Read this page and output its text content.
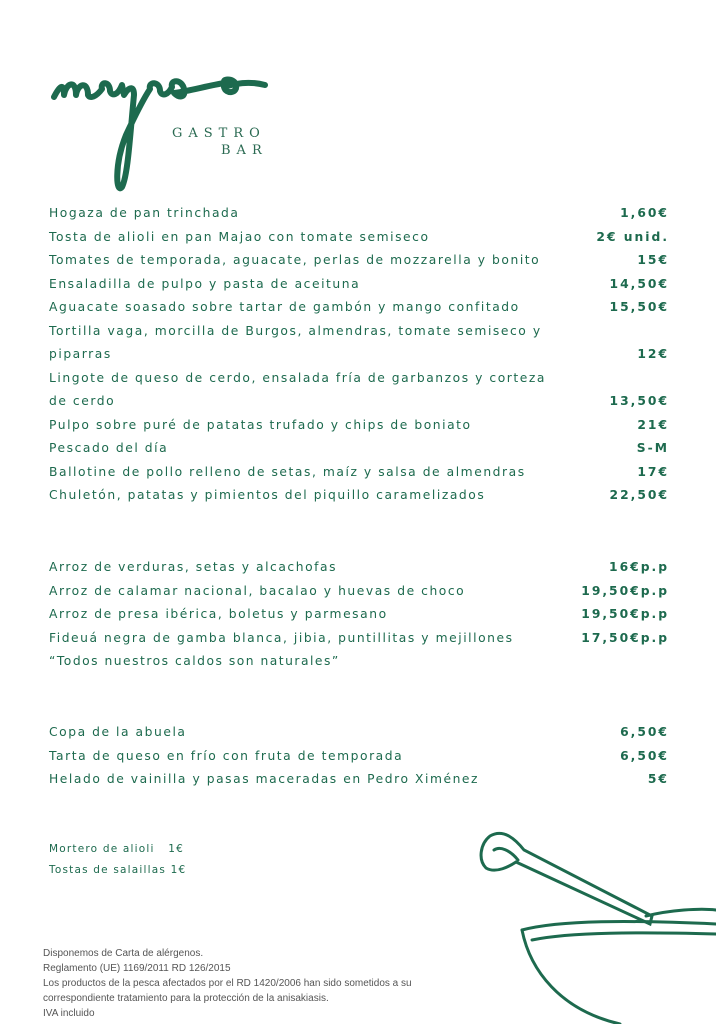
GASTRO
BAR
Hogaza de pan trinchada	1,60€
Tosta de alioli en pan Majao con tomate semiseco	2€ unid.
Tomates de temporada, aguacate, perlas de mozzarella y bonito	15€
Ensaladilla de pulpo y pasta de aceituna	14,50€
Aguacate soasado sobre tartar de gambón y mango confitado	15,50€
Tortilla vaga, morcilla de Burgos, almendras, tomate semiseco y piparras	12€
Lingote de queso de cerdo, ensalada fría de garbanzos y corteza de cerdo	13,50€
Pulpo sobre puré de patatas trufado y chips de boniato	21€
Pescado del día	S-M
Ballotine de pollo relleno de setas, maíz y salsa de almendras	17€
Chuletón, patatas y pimientos del piquillo caramelizados	22,50€
Arroz de verduras, setas y alcachofas	16€p.p
Arroz de calamar nacional, bacalao y huevas de choco	19,50€p.p
Arroz de presa ibérica, boletus y parmesano	19,50€p.p
Fideuá negra de gamba blanca, jibia, puntillitas y mejillones	17,50€p.p
“Todos nuestros caldos son naturales”
Copa de la abuela	6,50€
Tarta de queso en frío con fruta de temporada	6,50€
Helado de vainilla y pasas maceradas en Pedro Ximénez	5€
Mortero de alioli   1€
Tostas de salaillas 1€
Disponemos de Carta de alérgenos.
Reglamento (UE) 1169/2011 RD 126/2015
Los productos de la pesca afectados por el RD 1420/2006 han sido sometidos a su
correspondiente tratamiento para la protección de la anisakiasis.
IVA incluido
